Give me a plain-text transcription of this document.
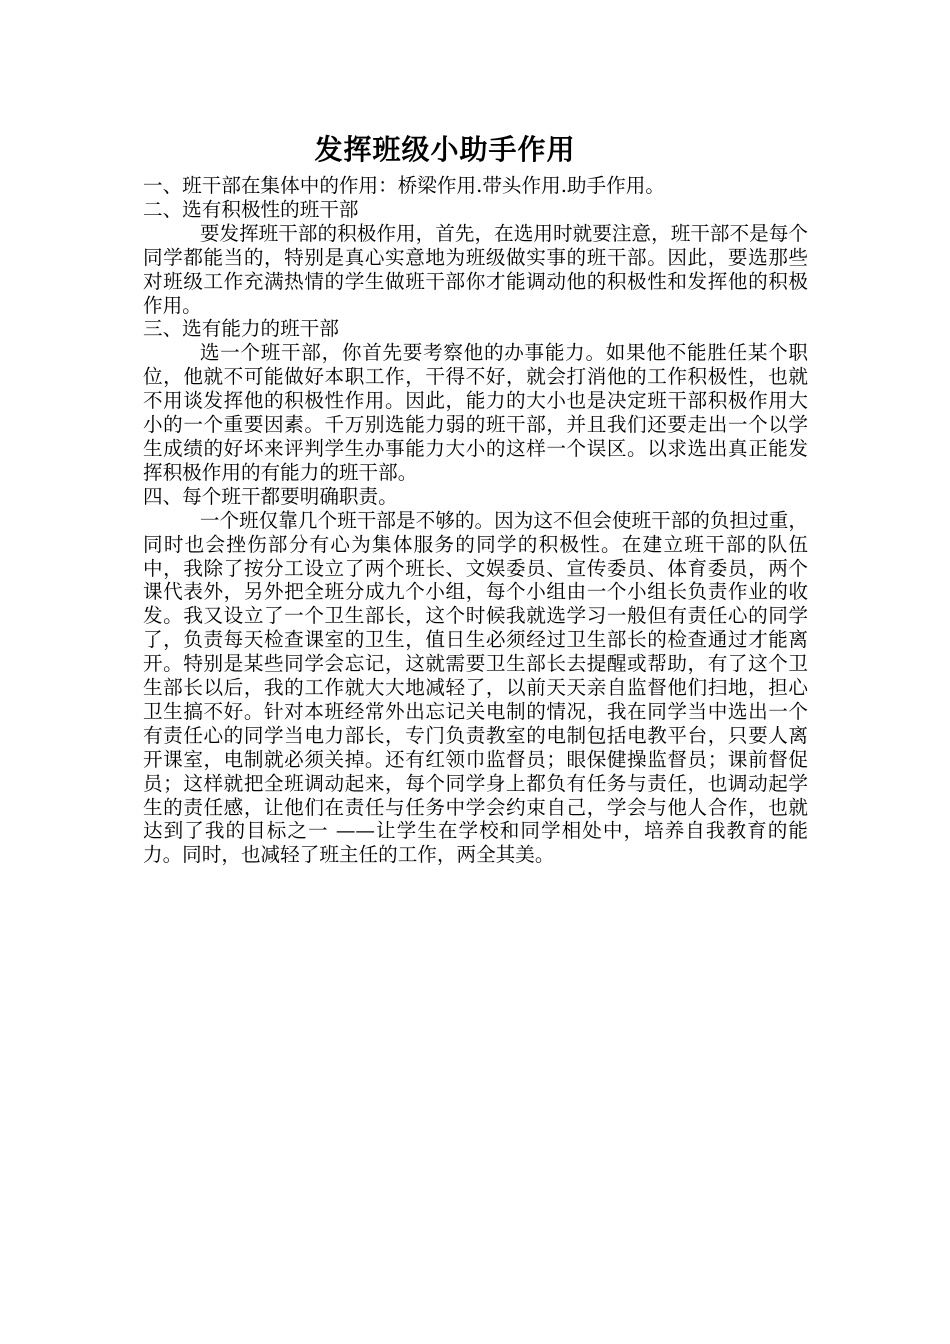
发挥班级小助手作用

一、班干部在集体中的作用：桥梁作用.带头作用.助手作用。

二、选有积极性的班干部

要发挥班干部的积极作用，首先，在选用时就要注意，班干部不是每个同学都能当的，特别是真心实意地为班级做实事的班干部。因此，要选那些对班级工作充满热情的学生做班干部你才能调动他的积极性和发挥他的积极作用。

三、选有能力的班干部

选一个班干部，你首先要考察他的办事能力。如果他不能胜任某个职位，他就不可能做好本职工作，干得不好，就会打消他的工作积极性，也就不用谈发挥他的积极性作用。因此，能力的大小也是决定班干部积极作用大小的一个重要因素。千万别选能力弱的班干部，并且我们还要走出一个以学生成绩的好坏来评判学生办事能力大小的这样一个误区。以求选出真正能发挥积极作用的有能力的班干部。

四、每个班干都要明确职责。

一个班仅靠几个班干部是不够的。因为这不但会使班干部的负担过重，同时也会挫伤部分有心为集体服务的同学的积极性。在建立班干部的队伍中，我除了按分工设立了两个班长、文娱委员、宣传委员、体育委员，两个课代表外，另外把全班分成九个小组，每个小组由一个小组长负责作业的收发。我又设立了一个卫生部长，这个时候我就选学习一般但有责任心的同学了，负责每天检查课室的卫生，值日生必须经过卫生部长的检查通过才能离开。特别是某些同学会忘记，这就需要卫生部长去提醒或帮助，有了这个卫生部长以后，我的工作就大大地减轻了，以前天天亲自监督他们扫地，担心卫生搞不好。针对本班经常外出忘记关电制的情况，我在同学当中选出一个有责任心的同学当电力部长，专门负责教室的电制包括电教平台，只要人离开课室，电制就必须关掉。还有红领巾监督员；眼保健操监督员；课前督促员；这样就把全班调动起来，每个同学身上都负有任务与责任，也调动起学生的责任感，让他们在责任与任务中学会约束自己，学会与他人合作，也就达到了我的目标之一 ——让学生在学校和同学相处中，培养自我教育的能力。同时，也减轻了班主任的工作，两全其美。
